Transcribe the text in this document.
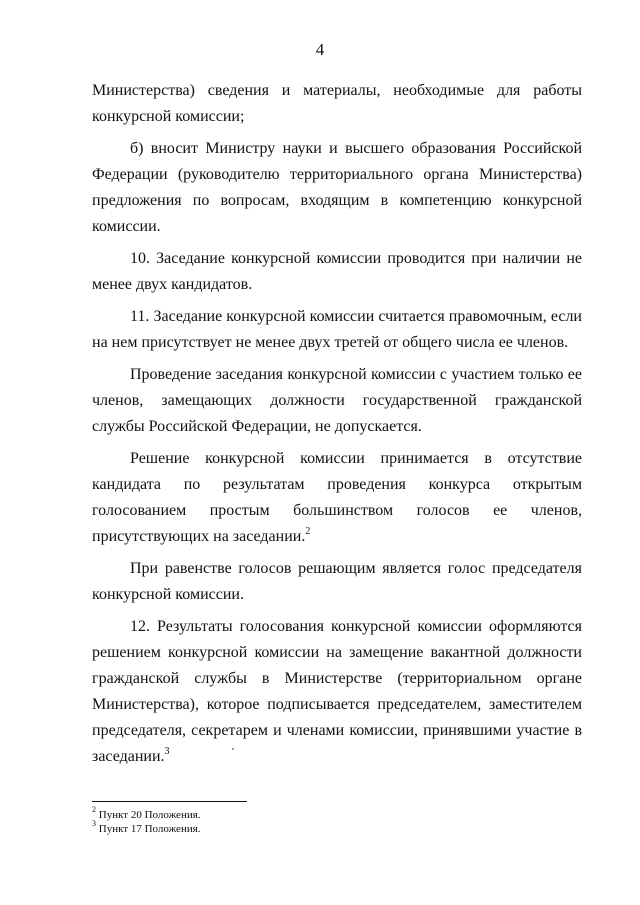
4

Министерства) сведения и материалы, необходимые для работы конкурсной комиссии;

б) вносит Министру науки и высшего образования Российской Федерации (руководителю территориального органа Министерства) предложения по вопросам, входящим в компетенцию конкурсной комиссии.

10. Заседание конкурсной комиссии проводится при наличии не менее двух кандидатов.

11. Заседание конкурсной комиссии считается правомочным, если на нем присутствует не менее двух третей от общего числа ее членов.

Проведение заседания конкурсной комиссии с участием только ее членов, замещающих должности государственной гражданской службы Российской Федерации, не допускается.

Решение конкурсной комиссии принимается в отсутствие кандидата по результатам проведения конкурса открытым голосованием простым большинством голосов ее членов, присутствующих на заседании.$^2$

При равенстве голосов решающим является голос председателя конкурсной комиссии.

12. Результаты голосования конкурсной комиссии оформляются решением конкурсной комиссии на замещение вакантной должности гражданской службы в Министерстве (территориальном органе Министерства), которое подписывается председателем, заместителем председателя, секретарем и членами комиссии, принявшими участие в заседании.$^3$

$^2$ Пункт 20 Положения.

$^3$ Пункт 17 Положения.
